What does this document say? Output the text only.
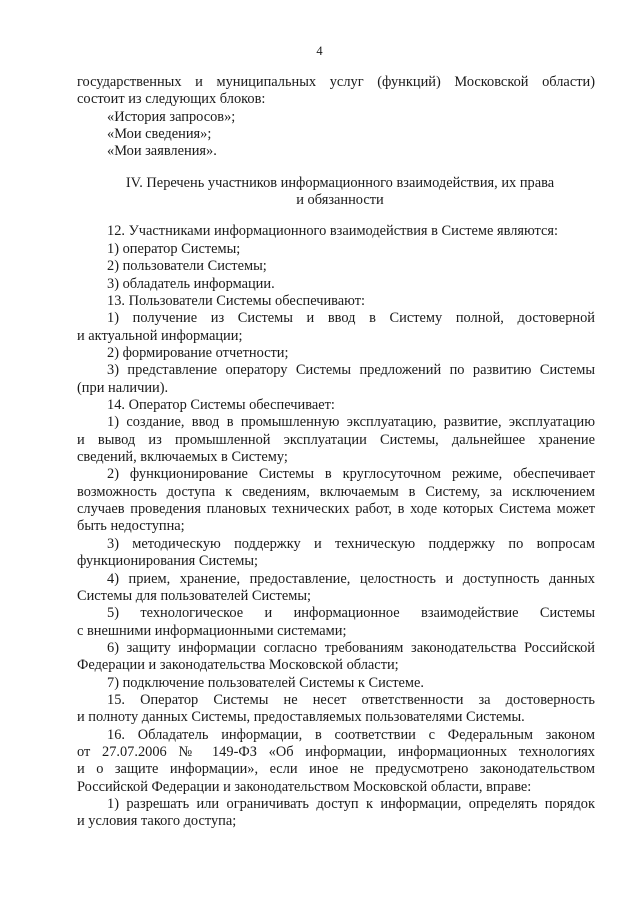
4
государственных и муниципальных услуг (функций) Московской области)
состоит из следующих блоков:
«История запросов»;
«Мои сведения»;
«Мои заявления».
IV. Перечень участников информационного взаимодействия, их права
и обязанности
12. Участниками информационного взаимодействия в Системе являются:
1) оператор Системы;
2) пользователи Системы;
3) обладатель информации.
13. Пользователи Системы обеспечивают:
1) получение из Системы и ввод в Систему полной, достоверной
и актуальной информации;
2) формирование отчетности;
3) представление оператору Системы предложений по развитию Системы
(при наличии).
14. Оператор Системы обеспечивает:
1) создание, ввод в промышленную эксплуатацию, развитие, эксплуатацию
и вывод из промышленной эксплуатации Системы, дальнейшее хранение
сведений, включаемых в Систему;
2) функционирование Системы в круглосуточном режиме, обеспечивает
возможность доступа к сведениям, включаемым в Систему, за исключением
случаев проведения плановых технических работ, в ходе которых Система может
быть недоступна;
3) методическую поддержку и техническую поддержку по вопросам
функционирования Системы;
4) прием, хранение, предоставление, целостность и доступность данных
Системы для пользователей Системы;
5) технологическое и информационное взаимодействие Системы
с внешними информационными системами;
6) защиту информации согласно требованиям законодательства Российской
Федерации и законодательства Московской области;
7) подключение пользователей Системы к Системе.
15. Оператор Системы не несет ответственности за достоверность
и полноту данных Системы, предоставляемых пользователями Системы.
16. Обладатель информации, в соответствии с Федеральным законом
от 27.07.2006 № 149-ФЗ «Об информации, информационных технологиях
и о защите информации», если иное не предусмотрено законодательством
Российской Федерации и законодательством Московской области, вправе:
1) разрешать или ограничивать доступ к информации, определять порядок
и условия такого доступа;
